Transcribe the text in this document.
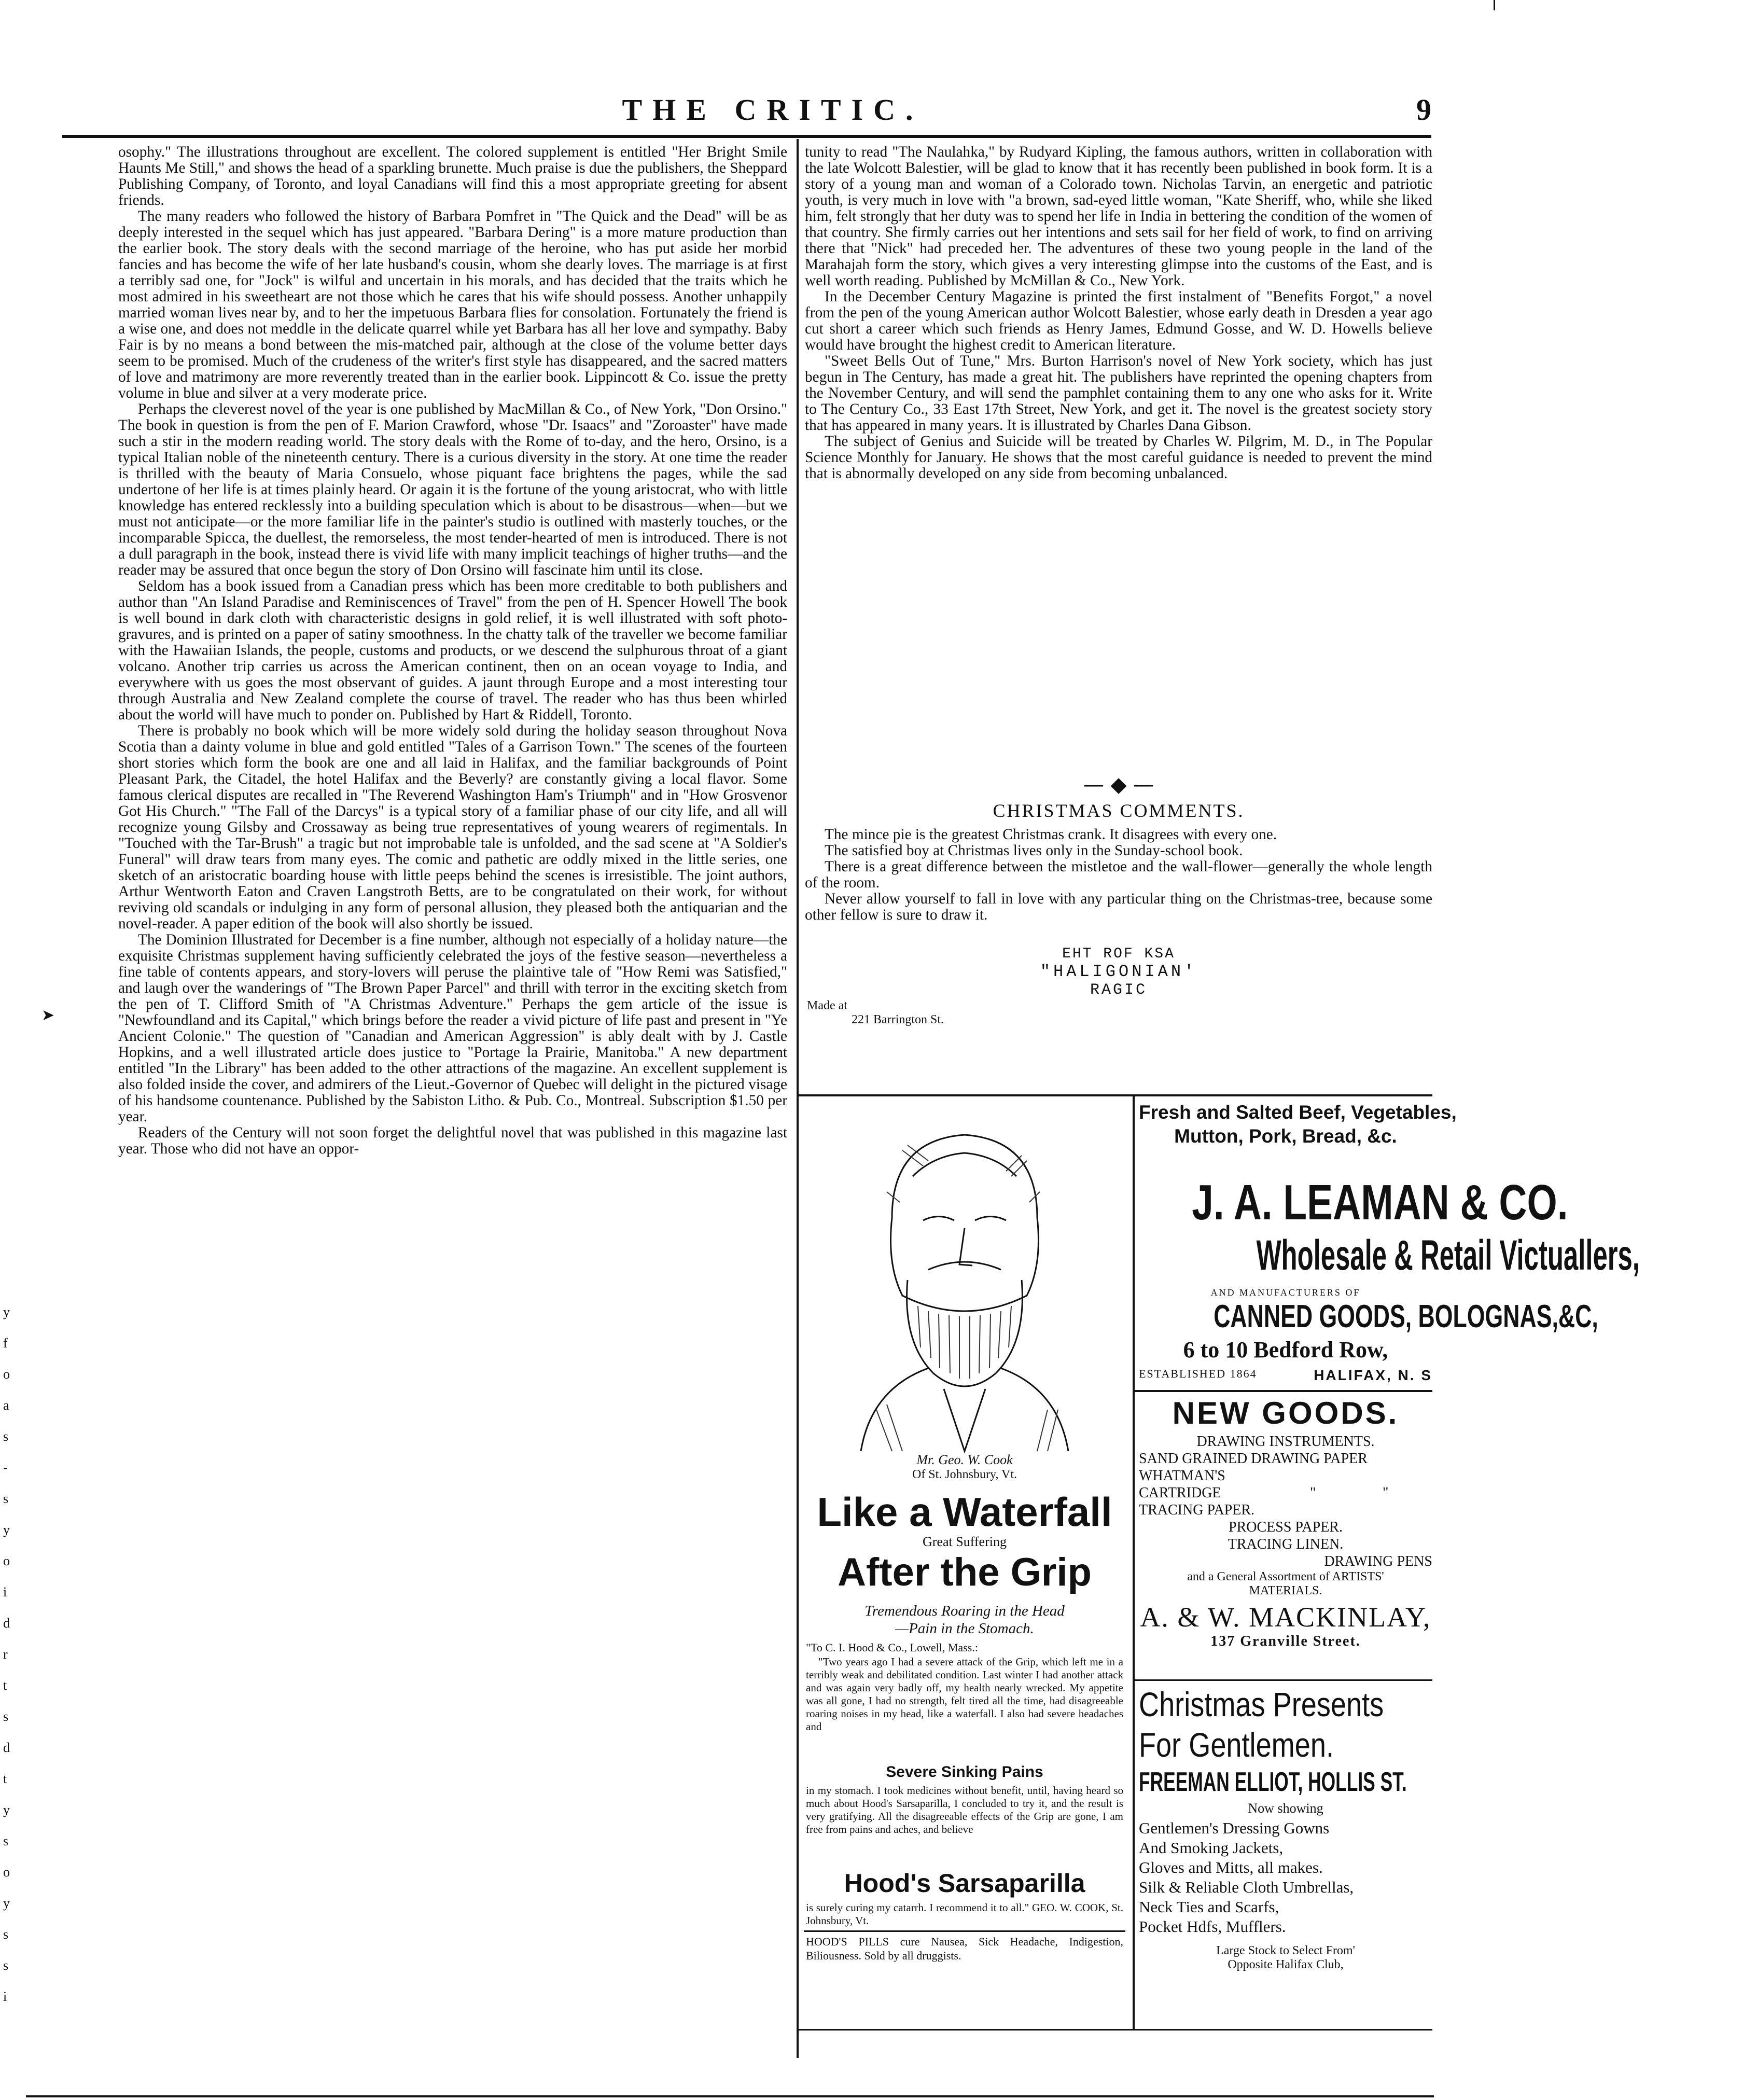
THE CRITIC.	9

osophy." The illustrations throughout are excellent. The colored supplement is entitled "Her Bright Smile Haunts Me Still," and shows the head of a sparkling brunette. Much praise is due the publishers, the Sheppard Publishing Company, of Toronto, and loyal Canadians will find this a most appropriate greeting for absent friends.

The many readers who followed the history of Barbara Pomfret in "The Quick and the Dead" will be as deeply interested in the sequel which has just appeared. "Barbara Dering" is a more mature production than the earlier book. The story deals with the second marriage of the heroine, who has put aside her morbid fancies and has become the wife of her late husband's cousin, whom she dearly loves. The marriage is at first a terribly sad one, for "Jock" is wilful and uncertain in his morals, and has decided that the traits which he most admired in his sweetheart are not those which he cares that his wife should possess. Another unhappily married woman lives near by, and to her the impetuous Barbara flies for consolation. Fortunately the friend is a wise one, and does not meddle in the delicate quarrel while yet Barbara has all her love and sympathy. Baby Fair is by no means a bond between the mis-matched pair, although at the close of the volume better days seem to be promised. Much of the crudeness of the writer's first style has disappeared, and the sacred matters of love and matrimony are more reverently treated than in the earlier book. Lippincott & Co. issue the pretty volume in blue and silver at a very moderate price.

Perhaps the cleverest novel of the year is one published by MacMillan & Co., of New York, "Don Orsino." The book in question is from the pen of F. Marion Crawford, whose "Dr. Isaacs" and "Zoroaster" have made such a stir in the modern reading world. The story deals with the Rome of to-day, and the hero, Orsino, is a typical Italian noble of the nineteenth century. There is a curious diversity in the story. At one time the reader is thrilled with the beauty of Maria Consuelo, whose piquant face brightens the pages, while the sad undertone of her life is at times plainly heard. Or again it is the fortune of the young aristocrat, who with little knowledge has entered recklessly into a building speculation which is about to be disastrous—when—but we must not anticipate—or the more familiar life in the painter's studio is outlined with masterly touches, or the incomparable Spicca, the duellest, the remorseless, the most tender-hearted of men is introduced. There is not a dull paragraph in the book, instead there is vivid life with many implicit teachings of higher truths—and the reader may be assured that once begun the story of Don Orsino will fascinate him until its close.

Seldom has a book issued from a Canadian press which has been more creditable to both publishers and author than "An Island Paradise and Reminiscences of Travel" from the pen of H. Spencer Howell The book is well bound in dark cloth with characteristic designs in gold relief, it is well illustrated with soft photo-gravures, and is printed on a paper of satiny smoothness. In the chatty talk of the traveller we become familiar with the Hawaiian Islands, the people, customs and products, or we descend the sulphurous throat of a giant volcano. Another trip carries us across the American continent, then on an ocean voyage to India, and everywhere with us goes the most observant of guides. A jaunt through Europe and a most interesting tour through Australia and New Zealand complete the course of travel. The reader who has thus been whirled about the world will have much to ponder on. Published by Hart & Riddell, Toronto.

There is probably no book which will be more widely sold during the holiday season throughout Nova Scotia than a dainty volume in blue and gold entitled "Tales of a Garrison Town." The scenes of the fourteen short stories which form the book are one and all laid in Halifax, and the familiar backgrounds of Point Pleasant Park, the Citadel, the hotel Halifax and the Beverly? are constantly giving a local flavor. Some famous clerical disputes are recalled in "The Reverend Washington Ham's Triumph" and in "How Grosvenor Got His Church." "The Fall of the Darcys" is a typical story of a familiar phase of our city life, and all will recognize young Gilsby and Crossaway as being true representatives of young wearers of regimentals. In "Touched with the Tar-Brush" a tragic but not improbable tale is unfolded, and the sad scene at "A Soldier's Funeral" will draw tears from many eyes. The comic and pathetic are oddly mixed in the little series, one sketch of an aristocratic boarding house with little peeps behind the scenes is irresistible. The joint authors, Arthur Wentworth Eaton and Craven Langstroth Betts, are to be congratulated on their work, for without reviving old scandals or indulging in any form of personal allusion, they pleased both the antiquarian and the novel-reader. A paper edition of the book will also shortly be issued.

The Dominion Illustrated for December is a fine number, although not especially of a holiday nature—the exquisite Christmas supplement having sufficiently celebrated the joys of the festive season—nevertheless a fine table of contents appears, and story-lovers will peruse the plaintive tale of "How Remi was Satisfied," and laugh over the wanderings of "The Brown Paper Parcel" and thrill with terror in the exciting sketch from the pen of T. Clifford Smith of "A Christmas Adventure." Perhaps the gem article of the issue is "Newfoundland and its Capital," which brings before the reader a vivid picture of life past and present in "Ye Ancient Colonie." The question of "Canadian and American Aggression" is ably dealt with by J. Castle Hopkins, and a well illustrated article does justice to "Portage la Prairie, Manitoba." A new department entitled "In the Library" has been added to the other attractions of the magazine. An excellent supplement is also folded inside the cover, and admirers of the Lieut.-Governor of Quebec will delight in the pictured visage of his handsome countenance. Published by the Sabiston Litho. & Pub. Co., Montreal. Subscription $1.50 per year.

Readers of the Century will not soon forget the delightful novel that was published in this magazine last year. Those who did not have an oppor-

tunity to read "The Naulahka," by Rudyard Kipling, the famous authors, written in collaboration with the late Wolcott Balestier, will be glad to know that it has recently been published in book form. It is a story of a young man and woman of a Colorado town. Nicholas Tarvin, an energetic and patriotic youth, is very much in love with "a brown, sad-eyed little woman, "Kate Sheriff, who, while she liked him, felt strongly that her duty was to spend her life in India in bettering the condition of the women of that country. She firmly carries out her intentions and sets sail for her field of work, to find on arriving there that "Nick" had preceded her. The adventures of these two young people in the land of the Marahajah form the story, which gives a very interesting glimpse into the customs of the East, and is well worth reading. Published by McMillan & Co., New York.

In the December Century Magazine is printed the first instalment of "Benefits Forgot," a novel from the pen of the young American author Wolcott Balestier, whose early death in Dresden a year ago cut short a career which such friends as Henry James, Edmund Gosse, and W. D. Howells believe would have brought the highest credit to American literature.

"Sweet Bells Out of Tune," Mrs. Burton Harrison's novel of New York society, which has just begun in The Century, has made a great hit. The publishers have reprinted the opening chapters from the November Century, and will send the pamphlet containing them to any one who asks for it. Write to The Century Co., 33 East 17th Street, New York, and get it. The novel is the greatest society story that has appeared in many years. It is illustrated by Charles Dana Gibson.

The subject of Genius and Suicide will be treated by Charles W. Pilgrim, M. D., in The Popular Science Monthly for January. He shows that the most careful guidance is needed to prevent the mind that is abnormally developed on any side from becoming unbalanced.

— ◆ —
CHRISTMAS COMMENTS.

The mince pie is the greatest Christmas crank. It disagrees with every one.

The satisfied boy at Christmas lives only in the Sunday-school book.

There is a great difference between the mistletoe and the wall-flower—generally the whole length of the room.

Never allow yourself to fall in love with any particular thing on the Christmas-tree, because some other fellow is sure to draw it.

EHT ROF KSA
"HALIGONIAN'
RAGIC
Made at
221 Barrington St.
Mr. Geo. W. Cook
Of St. Johnsbury, Vt.
Like a Waterfall
Great Suffering
After the Grip
Tremendous Roaring in the Head
—Pain in the Stomach.
"To C. I. Hood & Co., Lowell, Mass.:
"Two years ago I had a severe attack of the Grip, which left me in a terribly weak and debilitated condition. Last winter I had another attack and was again very badly off, my health nearly wrecked. My appetite was all gone, I had no strength, felt tired all the time, had disagreeable roaring noises in my head, like a waterfall. I also had severe headaches and
Severe Sinking Pains
in my stomach. I took medicines without benefit, until, having heard so much about Hood's Sarsaparilla, I concluded to try it, and the result is very gratifying. All the disagreeable effects of the Grip are gone, I am free from pains and aches, and believe
Hood's Sarsaparilla
is surely curing my catarrh. I recommend it to all." GEO. W. COOK, St. Johnsbury, Vt.
HOOD'S PILLS cure Nausea, Sick Headache, Indigestion, Biliousness. Sold by all druggists.
Fresh and Salted Beef, Vegetables,
Mutton, Pork, Bread, &c.
J. A. LEAMAN & CO.
Wholesale & Retail Victuallers,
AND MANUFACTURERS OF
CANNED GOODS, BOLOGNAS,&C,
6 to 10 Bedford Row,
ESTABLISHED 1864	HALIFAX, N. S
NEW GOODS.
DRAWING INSTRUMENTS.
SAND GRAINED DRAWING PAPER
WHATMAN'S
CARTRIDGE	"	"
TRACING PAPER.
PROCESS PAPER.
TRACING LINEN.
DRAWING PENS
and a General Assortment of ARTISTS'
MATERIALS.
A. & W. MACKINLAY,
137 Granville Street.
Christmas Presents
For Gentlemen.
FREEMAN ELLIOT, HOLLIS ST.
Now showing
Gentlemen's Dressing Gowns
And Smoking Jackets,
Gloves and Mitts, all makes.
Silk & Reliable Cloth Umbrellas,
Neck Ties and Scarfs,
Pocket Hdfs, Mufflers.
Large Stock to Select From'
Opposite Halifax Club,
y
f
o
a
s
-
s
y
o
i
d
r
t
s
d
t
y
s
o
y
s
s
i
➤
